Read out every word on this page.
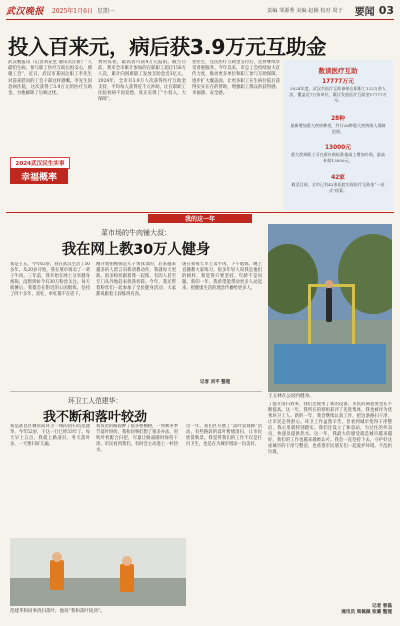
武汉晚报 2025年1月6日 星期一	责编 邹源秀 美编 赵颖 校对 周子 要闻 03
投入百来元，病后获3.9万元互助金
武汉晚报讯（记者刘充堂 通讯员汪新）“人最怕生病，参与职工医疗互助后很安心，感谢工会”，近日，武汉市某国企职工李先生对前来慰问的工会干部这样感慨。李先生因急病住院，这次获得了3.9万元的医疗互助金，为他解除了后顾之忧。
费用负担，最高者可获4万元报销。截至目前，我市全市累计参加的在职职工超过150万人次，累计向困难职工发放互助金近3亿元。2024年，全市有3.9万人次获得医疗互助金支持，平均每人获得近千元补助，让在职职工住院看病不再发愁，真正实现了“小投入，大保障”。
业医生，这次医疗互助金支付后，还将继续享受普惠服务。今年以来，市总工会持续加大宣传力度，推动更多单位和职工参与互助保障，逐步扩大覆盖面，让更多职工在生病住院后获得实实在在的帮助，增强职工群众的获得感、幸福感、安全感。
2024武汉民生实事
幸福概率
数读医疗互助
17777万元
2024年度，武汉市医疗互助参保在职职工122万余人次，覆盖近7万家单位，累计发放医疗互助金17777万元。
28种
最新增加重大疾病种类，共计28种重大疾病纳入保障范围。
13000元
重大疾病职工可在原补助标准基础上增加补助，最高补助13000元。
42家
截至目前，全市已有42家医院实现医疗互助金“一站式”结算。
我的这一年
菜市场的牛肉铺大叔：
我在网上教30万人健身
我是王五，今年63岁，我在武汉生活了50多年。从20岁开始，我在菜市场卖了一辈子牛肉。三年前，我开始在网上分享健身视频，没想到如今有30万粉丝关注。每天收摊后，我都会在附近的公园锻炼，坚持了四十多年，双杠、单杠都不在话下。
刚开始拍视频是儿子帮我录的，后来越来越多的人留言向我请教动作，我就每天更新。很多粉丝跟着我一起练，有的人甚至专门从外地赶来找我切磋。今年，我还带着粉丝们一起参加了全民健身活动，大家都说跟着王叔练得有劲。
现在我每天早上卖牛肉，下午锻炼，晚上直播教大家练习。很多年轻人说我是他们的榜样，我觉得只要坚持，年龄不是问题。新的一年，我希望能带动更多人动起来，把健康生活的理念传播给更多人。
记者 刘平 整理
王五林在公园内健身。
环卫工人范建华：
我不断和落叶较劲
我是武昌区城管局环卫一线的清扫员范建华，今年52岁，干这一行已经33年了。每天早上五点，我就上路清扫，冬天落叶多，一天要扫好几遍。
我负责的路段种了很多梧桐树，一到秋冬季节落叶纷纷。我和同事们想了很多办法，用吹叶机配合扫把，尽量让路面随时保持干净。市民看到我们，有时会主动递上一杯热水。
这一年，我们区开展了“落叶景观路”活动，有些路段的落叶暂缓清扫，让市民欣赏秋景。我觉得我们的工作不仅是打扫卫生，也是在为城市增添一份美好。
范建华和同事清扫落叶，他说“我和落叶较劲”。
了提升清扫效率，我们还使用了新的设备，市民的满意度也在不断提高。这一年，我所在的班组获评了先进集体，我也被评为优秀环卫工人。新的一年，我会继续认真工作，把这条路扫干净，让市民走得舒心。环卫工作虽然辛苦，但看到城市变得干净整洁，我心里就特别踏实。我们还设立了休息站，为过往的外卖员、快递员提供热水。这一年，我最大的感受就是城市越来越好，我们的工作也越来越被认可。我会一直坚持下去，守护好这座城市的干净与整洁，也希望市民朋友们一起爱护环境，不乱扔垃圾。
记者 曾磊
通讯员 周佩佩 张璐 整理
